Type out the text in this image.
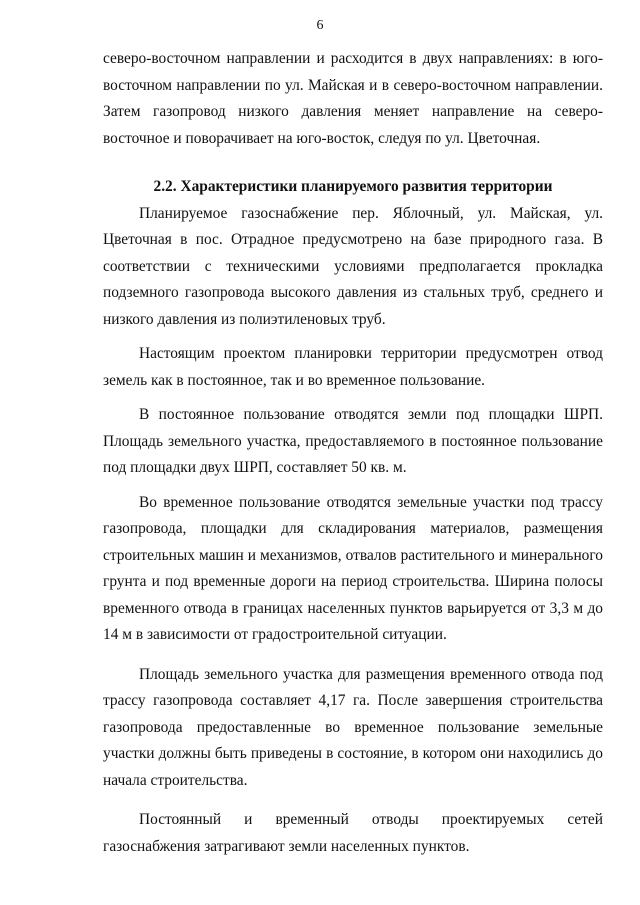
6

северо-восточном направлении и расходится в двух направлениях: в юго-восточном направлении по ул. Майская и в северо-восточном направлении. Затем газопровод низкого давления меняет направление на северо-восточное и поворачивает на юго-восток, следуя по ул. Цветочная.

2.2. Характеристики планируемого развития территории

Планируемое газоснабжение пер. Яблочный, ул. Майская, ул. Цветочная в пос. Отрадное предусмотрено на базе природного газа. В соответствии с техническими условиями предполагается прокладка подземного газопровода высокого давления из стальных труб, среднего и низкого давления из полиэтиленовых труб.

Настоящим проектом планировки территории предусмотрен отвод земель как в постоянное, так и во временное пользование.

В постоянное пользование отводятся земли под площадки ШРП. Площадь земельного участка, предоставляемого в постоянное пользование под площадки двух ШРП, составляет 50 кв. м.

Во временное пользование отводятся земельные участки под трассу газопровода, площадки для складирования материалов, размещения строительных машин и механизмов, отвалов растительного и минерального грунта и под временные дороги на период строительства. Ширина полосы временного отвода в границах населенных пунктов варьируется от 3,3 м до 14 м в зависимости от градостроительной ситуации.

Площадь земельного участка для размещения временного отвода под трассу газопровода составляет 4,17 га. После завершения строительства газопровода предоставленные во временное пользование земельные участки должны быть приведены в состояние, в котором они находились до начала строительства.

Постоянный и временный отводы проектируемых сетей газоснабжения затрагивают земли населенных пунктов.
